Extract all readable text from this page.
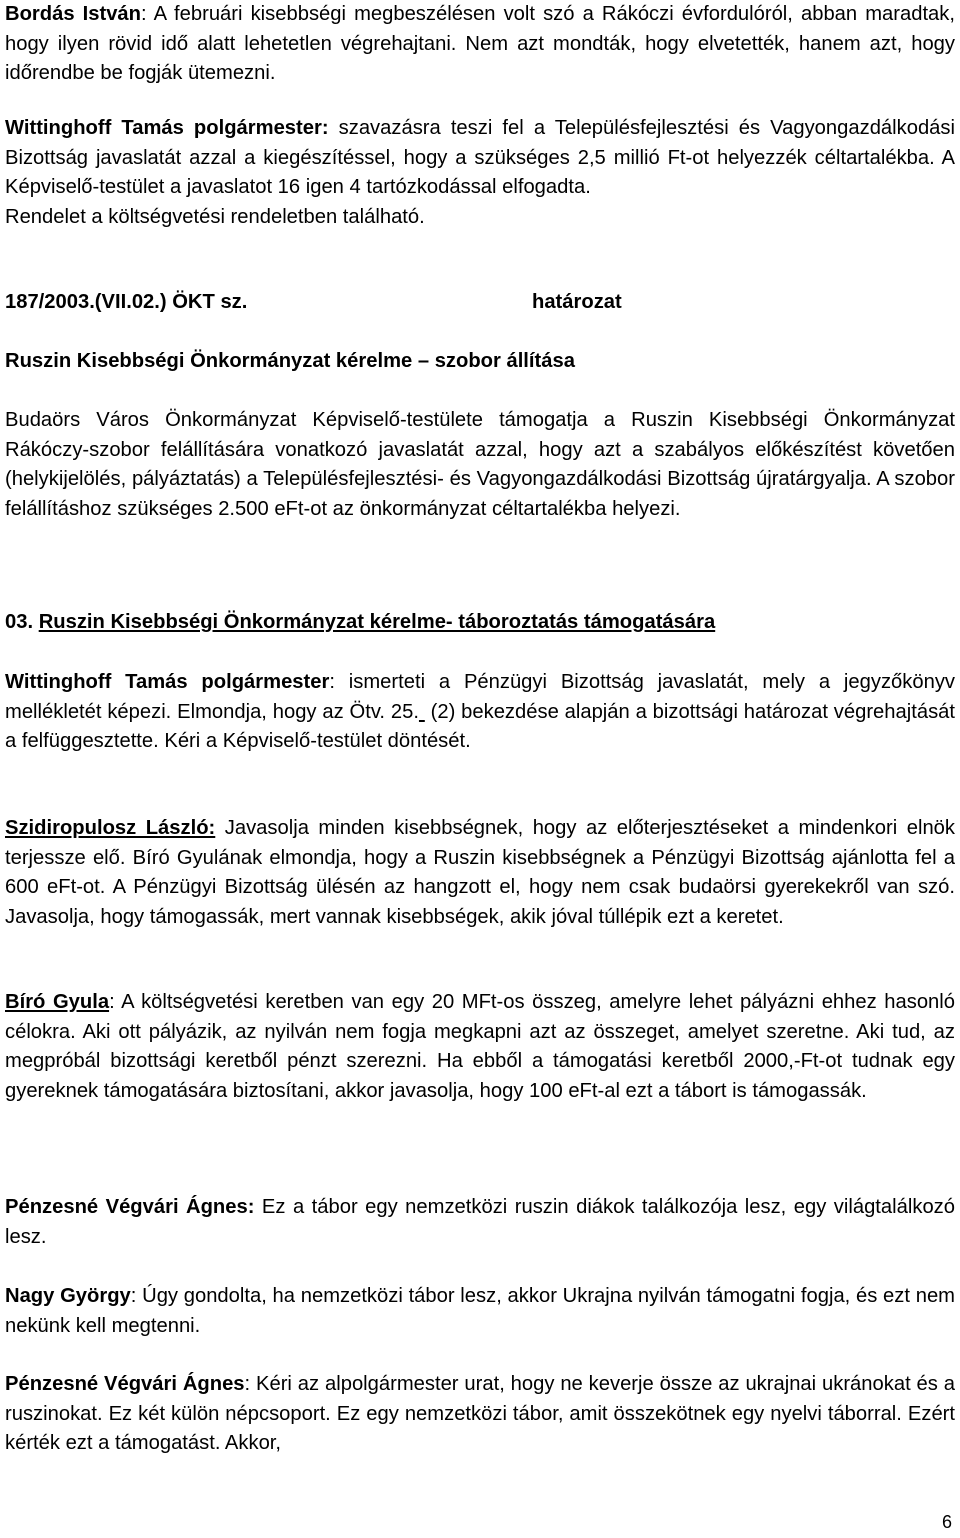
Bordás István: A februári kisebbségi megbeszélésen volt szó a Rákóczi évfordulóról, abban maradtak, hogy ilyen rövid idő alatt lehetetlen végrehajtani. Nem azt mondták, hogy elvetették, hanem azt, hogy időrendbe be fogják ütemezni.

Wittinghoff Tamás polgármester: szavazásra teszi fel a Településfejlesztési és Vagyongazdálkodási Bizottság javaslatát azzal a kiegészítéssel, hogy a szükséges 2,5 millió Ft-ot helyezzék céltartalékba. A Képviselő-testület a javaslatot 16 igen 4 tartózkodással elfogadta.

Rendelet a költségvetési rendeletben található.

187/2003.(VII.02.) ÖKT sz.	határozat

Ruszin Kisebbségi Önkormányzat kérelme – szobor állítása

Budaörs Város Önkormányzat Képviselő-testülete támogatja a Ruszin Kisebbségi Önkormányzat Rákóczy-szobor felállítására vonatkozó javaslatát azzal, hogy azt a szabályos előkészítést követően (helykijelölés, pályáztatás) a Településfejlesztési- és Vagyongazdálkodási Bizottság újratárgyalja. A szobor felállításhoz szükséges 2.500 eFt-ot az önkormányzat céltartalékba helyezi.

03. Ruszin Kisebbségi Önkormányzat kérelme- táboroztatás támogatására

Wittinghoff Tamás polgármester: ismerteti a Pénzügyi Bizottság javaslatát, mely a jegyzőkönyv mellékletét képezi. Elmondja, hogy az Ötv. 25.  (2) bekezdése alapján a bizottsági határozat végrehajtását a felfüggesztette. Kéri a Képviselő-testület döntését.

Szidiropulosz László: Javasolja minden kisebbségnek, hogy az előterjesztéseket a mindenkori elnök terjessze elő. Bíró Gyulának elmondja, hogy a Ruszin kisebbségnek a Pénzügyi Bizottság ajánlotta fel a 600 eFt-ot. A Pénzügyi Bizottság ülésén az hangzott el, hogy nem csak budaörsi gyerekekről van szó. Javasolja, hogy támogassák, mert vannak kisebbségek, akik jóval túllépik ezt a keretet.

Bíró Gyula: A költségvetési keretben van egy 20 MFt-os összeg, amelyre lehet pályázni ehhez hasonló célokra. Aki ott pályázik, az nyilván nem fogja megkapni azt az összeget, amelyet szeretne. Aki tud, az megpróbál bizottsági keretből pénzt szerezni. Ha ebből a támogatási keretből 2000,-Ft-ot tudnak egy gyereknek támogatására biztosítani, akkor javasolja, hogy 100 eFt-al ezt a tábort is támogassák.

Pénzesné Végvári Ágnes: Ez a tábor egy nemzetközi ruszin diákok találkozója lesz, egy világtalálkozó lesz.

Nagy György: Úgy gondolta, ha nemzetközi tábor lesz, akkor Ukrajna nyilván támogatni fogja, és ezt nem nekünk kell megtenni.

Pénzesné Végvári Ágnes: Kéri az alpolgármester urat, hogy ne keverje össze az ukrajnai ukránokat és a ruszinokat. Ez két külön népcsoport. Ez egy nemzetközi tábor, amit összekötnek egy nyelvi táborral. Ezért kérték ezt a támogatást. Akkor,

6
